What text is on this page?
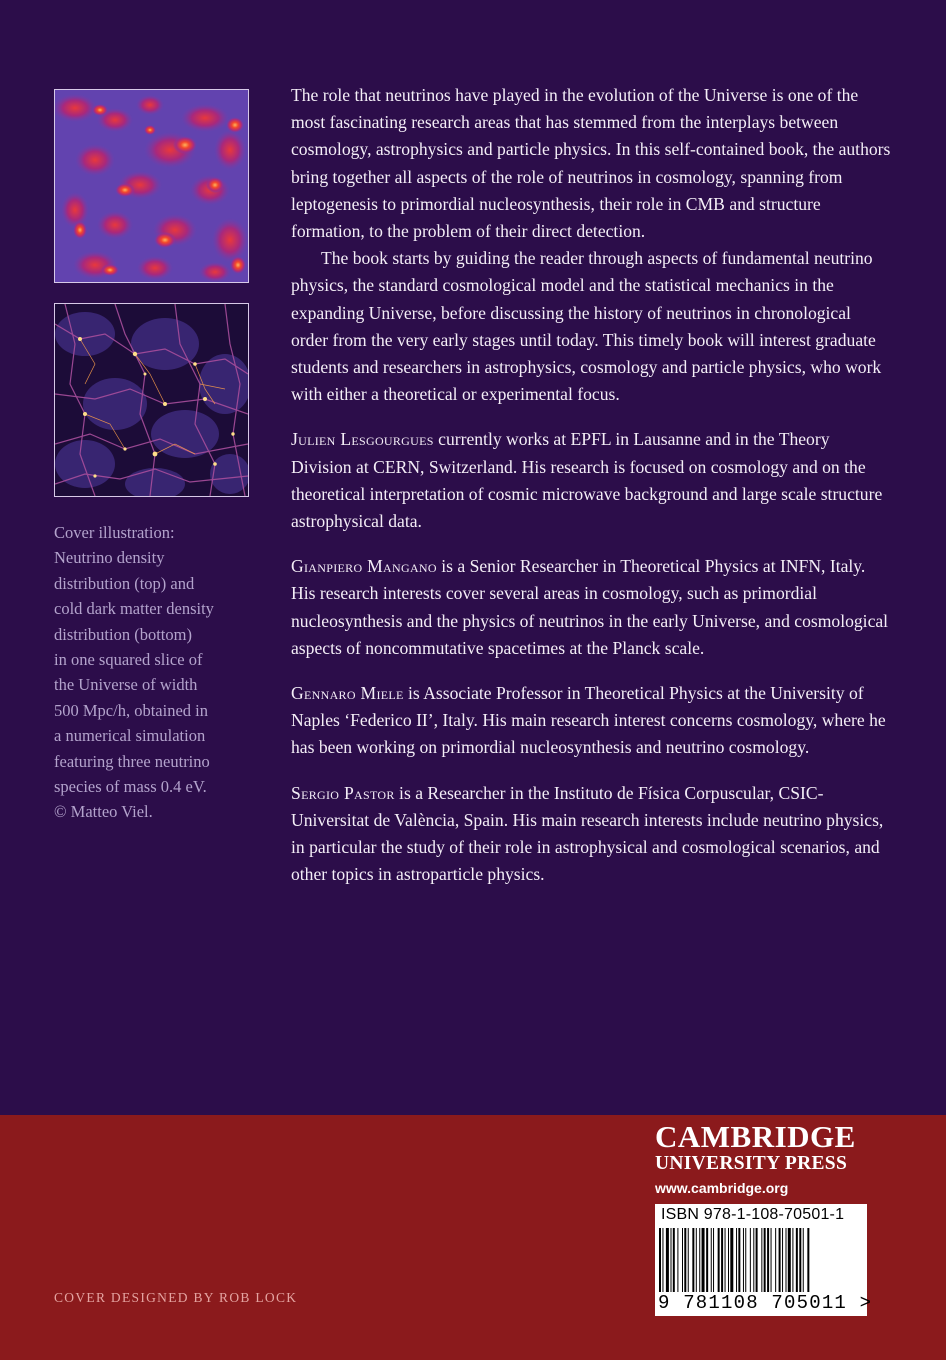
Cover illustration:
Neutrino density
distribution (top) and
cold dark matter density
distribution (bottom)
in one squared slice of
the Universe of width
500 Mpc/h, obtained in
a numerical simulation
featuring three neutrino
species of mass 0.4 eV.
© Matteo Viel.

The role that neutrinos have played in the evolution of the Universe is one of the most fascinating research areas that has stemmed from the interplays between cosmology, astrophysics and particle physics. In this self-contained book, the authors bring together all aspects of the role of neutrinos in cosmology, spanning from leptogenesis to primordial nucleosynthesis, their role in CMB and structure formation, to the problem of their direct detection.

The book starts by guiding the reader through aspects of fundamental neutrino physics, the standard cosmological model and the statistical mechanics in the expanding Universe, before discussing the history of neutrinos in chronological order from the very early stages until today. This timely book will interest graduate students and researchers in astrophysics, cosmology and particle physics, who work with either a theoretical or experimental focus.

Julien Lesgourgues currently works at EPFL in Lausanne and in the Theory Division at CERN, Switzerland. His research is focused on cosmology and on the theoretical interpretation of cosmic microwave background and large scale structure astrophysical data.

Gianpiero Mangano is a Senior Researcher in Theoretical Physics at INFN, Italy. His research interests cover several areas in cosmology, such as primordial nucleosynthesis and the physics of neutrinos in the early Universe, and cosmological aspects of noncommutative spacetimes at the Planck scale.

Gennaro Miele is Associate Professor in Theoretical Physics at the University of Naples ‘Federico II’, Italy. His main research interest concerns cosmology, where he has been working on primordial nucleosynthesis and neutrino cosmology.

Sergio Pastor is a Researcher in the Instituto de Física Corpuscular, CSIC-Universitat de València, Spain. His main research interests include neutrino physics, in particular the study of their role in astrophysical and cosmological scenarios, and other topics in astroparticle physics.

CAMBRIDGE
UNIVERSITY PRESS
www.cambridge.org
ISBN 978-1-108-70501-1
9 781108 705011 >
COVER DESIGNED BY ROB LOCK
